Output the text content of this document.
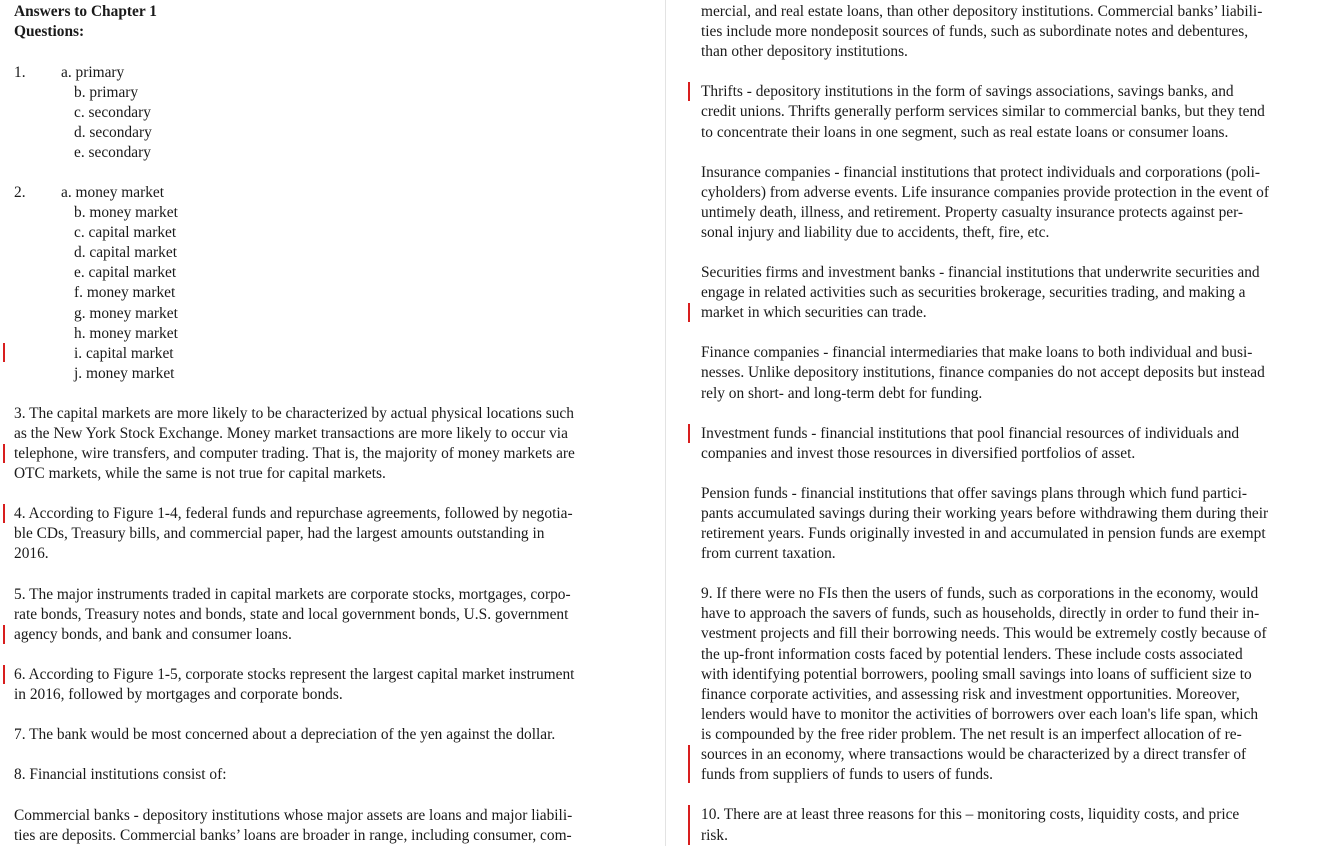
Answers to Chapter 1
Questions:
1. a. primary
b. primary
c. secondary
d. secondary
e. secondary
2. a. money market
b. money market
c. capital market
d. capital market
e. capital market
f. money market
g. money market
h. money market
i. capital market
j. money market
3. The capital markets are more likely to be characterized by actual physical locations such
as the New York Stock Exchange. Money market transactions are more likely to occur via
telephone, wire transfers, and computer trading. That is, the majority of money markets are
OTC markets, while the same is not true for capital markets.
4. According to Figure 1-4, federal funds and repurchase agreements, followed by negotia-
ble CDs, Treasury bills, and commercial paper, had the largest amounts outstanding in
2016.
5. The major instruments traded in capital markets are corporate stocks, mortgages, corpo-
rate bonds, Treasury notes and bonds, state and local government bonds, U.S. government
agency bonds, and bank and consumer loans.
6. According to Figure 1-5, corporate stocks represent the largest capital market instrument
in 2016, followed by mortgages and corporate bonds.
7. The bank would be most concerned about a depreciation of the yen against the dollar.
8. Financial institutions consist of:
Commercial banks - depository institutions whose major assets are loans and major liabili-
ties are deposits. Commercial banks’ loans are broader in range, including consumer, com-
mercial, and real estate loans, than other depository institutions. Commercial banks’ liabili-
ties include more nondeposit sources of funds, such as subordinate notes and debentures,
than other depository institutions.
Thrifts - depository institutions in the form of savings associations, savings banks, and
credit unions. Thrifts generally perform services similar to commercial banks, but they tend
to concentrate their loans in one segment, such as real estate loans or consumer loans.
Insurance companies - financial institutions that protect individuals and corporations (poli-
cyholders) from adverse events. Life insurance companies provide protection in the event of
untimely death, illness, and retirement. Property casualty insurance protects against per-
sonal injury and liability due to accidents, theft, fire, etc.
Securities firms and investment banks - financial institutions that underwrite securities and
engage in related activities such as securities brokerage, securities trading, and making a
market in which securities can trade.
Finance companies - financial intermediaries that make loans to both individual and busi-
nesses. Unlike depository institutions, finance companies do not accept deposits but instead
rely on short- and long-term debt for funding.
Investment funds - financial institutions that pool financial resources of individuals and
companies and invest those resources in diversified portfolios of asset.
Pension funds - financial institutions that offer savings plans through which fund partici-
pants accumulated savings during their working years before withdrawing them during their
retirement years. Funds originally invested in and accumulated in pension funds are exempt
from current taxation.
9. If there were no FIs then the users of funds, such as corporations in the economy, would
have to approach the savers of funds, such as households, directly in order to fund their in-
vestment projects and fill their borrowing needs. This would be extremely costly because of
the up-front information costs faced by potential lenders. These include costs associated
with identifying potential borrowers, pooling small savings into loans of sufficient size to
finance corporate activities, and assessing risk and investment opportunities. Moreover,
lenders would have to monitor the activities of borrowers over each loan's life span, which
is compounded by the free rider problem. The net result is an imperfect allocation of re-
sources in an economy, where transactions would be characterized by a direct transfer of
funds from suppliers of funds to users of funds.
10. There are at least three reasons for this – monitoring costs, liquidity costs, and price
risk.
